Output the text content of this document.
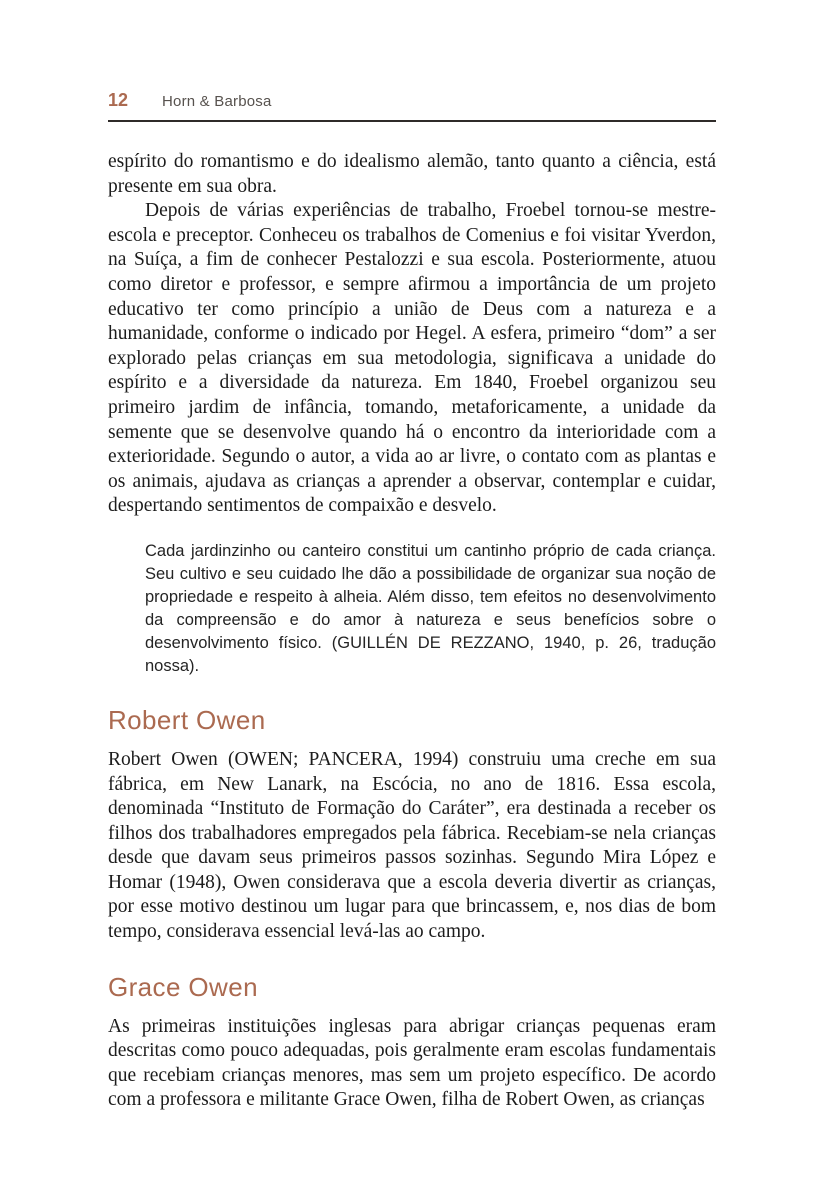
12	Horn & Barbosa

espírito do romantismo e do idealismo alemão, tanto quanto a ciência, está presente em sua obra.

Depois de várias experiências de trabalho, Froebel tornou-se mestre-escola e preceptor. Conheceu os trabalhos de Comenius e foi visitar Yverdon, na Suíça, a fim de conhecer Pestalozzi e sua escola. Posteriormente, atuou como diretor e professor, e sempre afirmou a importância de um projeto educativo ter como princípio a união de Deus com a natureza e a humanidade, conforme o indicado por Hegel. A esfera, primeiro “dom” a ser explorado pelas crianças em sua metodologia, significava a unidade do espírito e a diversidade da natureza. Em 1840, Froebel organizou seu primeiro jardim de infância, tomando, metaforicamente, a unidade da semente que se desenvolve quando há o encontro da interioridade com a exterioridade. Segundo o autor, a vida ao ar livre, o contato com as plantas e os animais, ajudava as crianças a aprender a observar, contemplar e cuidar, despertando sentimentos de compaixão e desvelo.

Cada jardinzinho ou canteiro constitui um cantinho próprio de cada criança. Seu cultivo e seu cuidado lhe dão a possibilidade de organizar sua noção de propriedade e respeito à alheia. Além disso, tem efeitos no desenvolvimento da compreensão e do amor à natureza e seus benefícios sobre o desenvolvimento físico. (GUILLÉN DE REZZANO, 1940, p. 26, tradução nossa).
Robert Owen

Robert Owen (OWEN; PANCERA, 1994) construiu uma creche em sua fábrica, em New Lanark, na Escócia, no ano de 1816. Essa escola, denominada “Instituto de Formação do Caráter”, era destinada a receber os filhos dos trabalhadores empregados pela fábrica. Recebiam-se nela crianças desde que davam seus primeiros passos sozinhas. Segundo Mira López e Homar (1948), Owen considerava que a escola deveria divertir as crianças, por esse motivo destinou um lugar para que brincassem, e, nos dias de bom tempo, considerava essencial levá-las ao campo.

Grace Owen

As primeiras instituições inglesas para abrigar crianças pequenas eram descritas como pouco adequadas, pois geralmente eram escolas fundamentais que recebiam crianças menores, mas sem um projeto específico. De acordo com a professora e militante Grace Owen, filha de Robert Owen, as crianças
